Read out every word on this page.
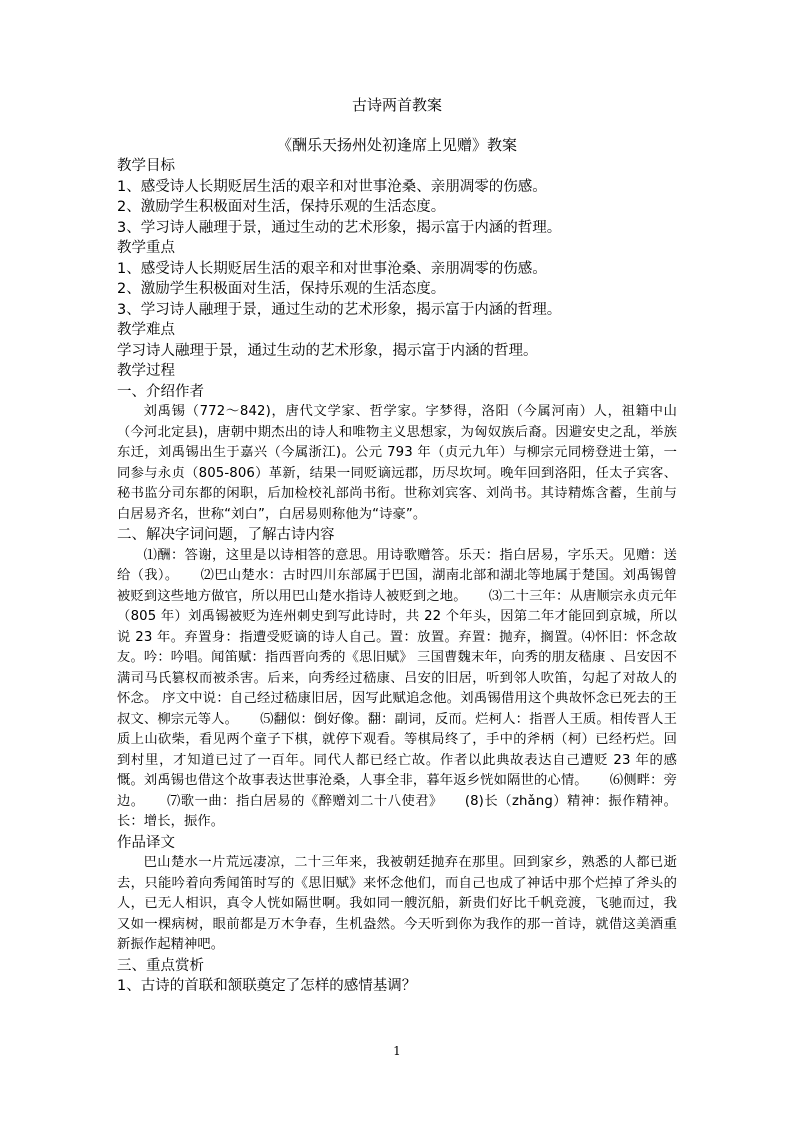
古诗两首教案

《酬乐天扬州处初逢席上见赠》教案

教学目标

1、感受诗人长期贬居生活的艰辛和对世事沧桑、亲朋凋零的伤感。

2、激励学生积极面对生活，保持乐观的生活态度。

3、学习诗人融理于景，通过生动的艺术形象，揭示富于内涵的哲理。

教学重点

1、感受诗人长期贬居生活的艰辛和对世事沧桑、亲朋凋零的伤感。

2、激励学生积极面对生活，保持乐观的生活态度。

3、学习诗人融理于景，通过生动的艺术形象，揭示富于内涵的哲理。

教学难点

学习诗人融理于景，通过生动的艺术形象，揭示富于内涵的哲理。

教学过程

一、介绍作者

刘禹锡（772～842)，唐代文学家、哲学家。字梦得，洛阳（今属河南）人，祖籍中山（今河北定县)，唐朝中期杰出的诗人和唯物主义思想家，为匈奴族后裔。因避安史之乱，举族东迁，刘禹锡出生于嘉兴（今属浙江)。公元 793 年（贞元九年）与柳宗元同榜登进士第，一同参与永贞（805-806）革新，结果一同贬谪远郡，历尽坎坷。晚年回到洛阳，任太子宾客、秘书监分司东都的闲职，后加检校礼部尚书衔。世称刘宾客、刘尚书。其诗精炼含蓄，生前与白居易齐名，世称“刘白”，白居易则称他为“诗豪”。

二、解决字词问题，了解古诗内容

⑴酬：答谢，这里是以诗相答的意思。用诗歌赠答。乐天：指白居易，字乐天。见赠：送给（我）。 ⑵巴山楚水：古时四川东部属于巴国，湖南北部和湖北等地属于楚国。刘禹锡曾被贬到这些地方做官，所以用巴山楚水指诗人被贬到之地。 ⑶二十三年：从唐顺宗永贞元年（805 年）刘禹锡被贬为连州刺史到写此诗时，共 22 个年头，因第二年才能回到京城，所以说 23 年。弃置身：指遭受贬谪的诗人自己。置：放置。弃置：抛弃，搁置。⑷怀旧：怀念故友。吟：吟唱。闻笛赋：指西晋向秀的《思旧赋》 三国曹魏末年，向秀的朋友嵇康 、吕安因不满司马氏篡权而被杀害。后来，向秀经过嵇康、吕安的旧居，听到邻人吹笛，勾起了对故人的怀念。 序文中说：自己经过嵇康旧居，因写此赋追念他。刘禹锡借用这个典故怀念已死去的王叔文、柳宗元等人。 ⑸翻似：倒好像。翻：副词，反而。烂柯人：指晋人王质。相传晋人王质上山砍柴，看见两个童子下棋，就停下观看。等棋局终了，手中的斧柄（柯）已经朽烂。回到村里，才知道已过了一百年。同代人都已经亡故。作者以此典故表达自己遭贬 23 年的感慨。刘禹锡也借这个故事表达世事沧桑，人事全非，暮年返乡恍如隔世的心情。 ⑹侧畔：旁边。 ⑺歌一曲：指白居易的《醉赠刘二十八使君》 (8)长（zhǎng）精神：振作精神。长：增长，振作。

作品译文

巴山楚水一片荒远凄凉，二十三年来，我被朝廷抛弃在那里。回到家乡，熟悉的人都已逝去，只能吟着向秀闻笛时写的《思旧赋》来怀念他们，而自己也成了神话中那个烂掉了斧头的人，已无人相识，真令人恍如隔世啊。我如同一艘沉船，新贵们好比千帆竞渡，飞驰而过，我又如一棵病树，眼前都是万木争春，生机盎然。今天听到你为我作的那一首诗，就借这美酒重新振作起精神吧。

三、重点赏析

1、古诗的首联和颔联奠定了怎样的感情基调？

1
